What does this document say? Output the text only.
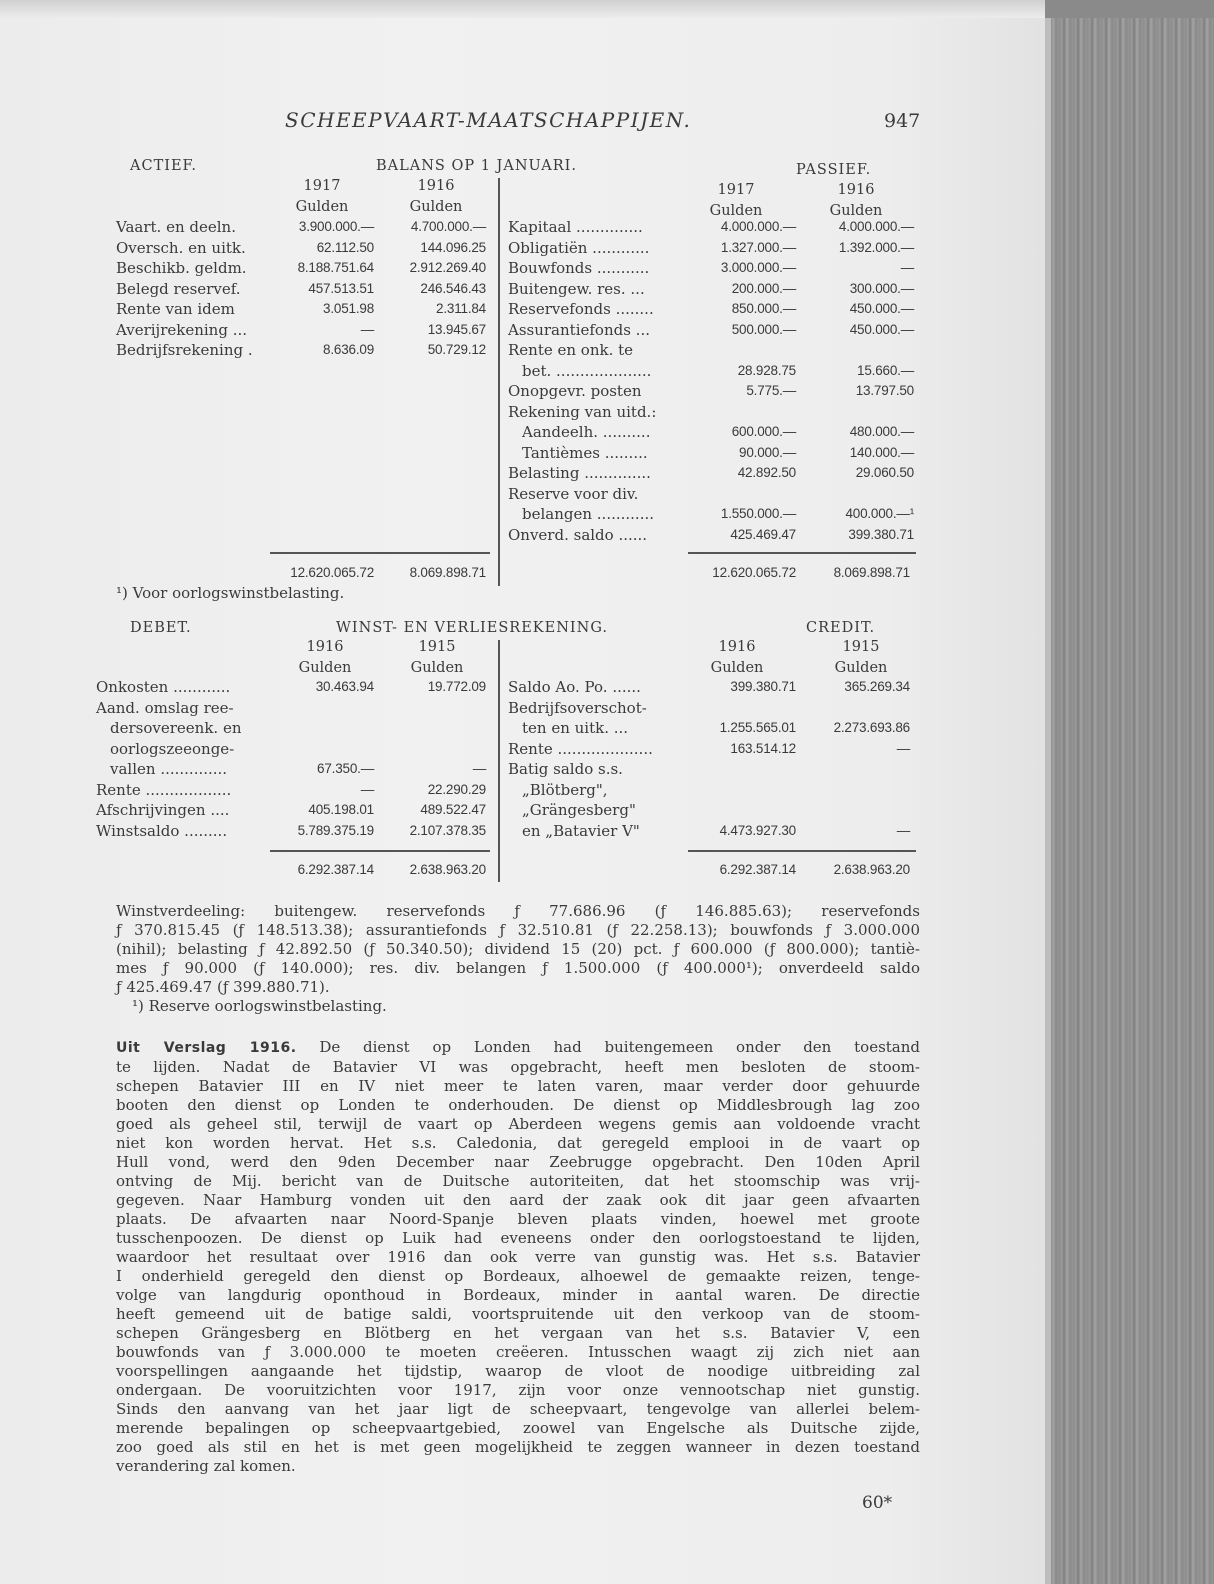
SCHEEPVAART-MAATSCHAPPIJEN.	947
ACTIEF.	BALANS OP 1 JANUARI.	PASSIEF.
1917
Gulden
1916
Gulden
1917
Gulden
1916
Gulden
Vaart. en deeln.	3.900.000.—	4.700.000.—
Oversch. en uitk.	62.112.50	144.096.25
Beschikb. geldm.	8.188.751.64	2.912.269.40
Belegd reservef.	457.513.51	246.546.43
Rente van idem	3.051.98	2.311.84
Averijrekening ...	—	13.945.67
Bedrijfsrekening .	8.636.09	50.729.12
Kapitaal ..............	4.000.000.—	4.000.000.—
Obligatiën ............	1.327.000.—	1.392.000.—
Bouwfonds ...........	3.000.000.—	—
Buitengew. res. ...	200.000.—	300.000.—
Reservefonds ........	850.000.—	450.000.—
Assurantiefonds ...	500.000.—	450.000.—
Rente en onk. te
bet. ....................	28.928.75	15.660.—
Onopgevr. posten	5.775.—	13.797.50
Rekening van uitd.:
Aandeelh. ..........	600.000.—	480.000.—
Tantièmes .........	90.000.—	140.000.—
Belasting ..............	42.892.50	29.060.50
Reserve voor div.
belangen ............	1.550.000.—	400.000.—¹
Onverd. saldo ......	425.469.47	399.380.71
12.620.065.72	8.069.898.71	12.620.065.72	8.069.898.71
¹) Voor oorlogswinstbelasting.
DEBET.	WINST- EN VERLIESREKENING.	CREDIT.
1916
Gulden
1915
Gulden
1916
Gulden
1915
Gulden
Onkosten ............	30.463.94	19.772.09
Aand. omslag ree-
dersovereenk. en
oorlogszeeonge-
vallen ..............	67.350.—	—
Rente ..................	—	22.290.29
Afschrijvingen ....	405.198.01	489.522.47
Winstsaldo .........	5.789.375.19	2.107.378.35
Saldo Ao. Po. ......	399.380.71	365.269.34
Bedrijfsoverschot-
ten en uitk. ...	1.255.565.01	2.273.693.86
Rente ....................	163.514.12	—
Batig saldo s.s.
„Blötberg",
„Grängesberg"
en „Batavier V"	4.473.927.30	—
6.292.387.14	2.638.963.20	6.292.387.14	2.638.963.20

Winstverdeeling: buitengew. reservefonds ƒ 77.686.96 (ƒ 146.885.63); reservefonds

ƒ 370.815.45 (ƒ 148.513.38); assurantiefonds ƒ 32.510.81 (ƒ 22.258.13); bouwfonds ƒ 3.000.000

(nihil); belasting ƒ 42.892.50 (ƒ 50.340.50); dividend 15 (20) pct. ƒ 600.000 (ƒ 800.000); tantiè-

mes ƒ 90.000 (ƒ 140.000); res. div. belangen ƒ 1.500.000 (ƒ 400.000¹); onverdeeld saldo

ƒ 425.469.47 (ƒ 399.880.71).

¹) Reserve oorlogswinstbelasting.

Uit Verslag 1916. De dienst op Londen had buitengemeen onder den toestand

te lijden. Nadat de Batavier VI was opgebracht, heeft men besloten de stoom-

schepen Batavier III en IV niet meer te laten varen, maar verder door gehuurde

booten den dienst op Londen te onderhouden. De dienst op Middlesbrough lag zoo

goed als geheel stil, terwijl de vaart op Aberdeen wegens gemis aan voldoende vracht

niet kon worden hervat. Het s.s. Caledonia, dat geregeld emplooi in de vaart op

Hull vond, werd den 9den December naar Zeebrugge opgebracht. Den 10den April

ontving de Mij. bericht van de Duitsche autoriteiten, dat het stoomschip was vrij-

gegeven. Naar Hamburg vonden uit den aard der zaak ook dit jaar geen afvaarten

plaats. De afvaarten naar Noord-Spanje bleven plaats vinden, hoewel met groote

tusschenpoozen. De dienst op Luik had eveneens onder den oorlogstoestand te lijden,

waardoor het resultaat over 1916 dan ook verre van gunstig was. Het s.s. Batavier

I onderhield geregeld den dienst op Bordeaux, alhoewel de gemaakte reizen, tenge-

volge van langdurig oponthoud in Bordeaux, minder in aantal waren. De directie

heeft gemeend uit de batige saldi, voortspruitende uit den verkoop van de stoom-

schepen Grängesberg en Blötberg en het vergaan van het s.s. Batavier V, een

bouwfonds van ƒ 3.000.000 te moeten creëeren. Intusschen waagt zij zich niet aan

voorspellingen aangaande het tijdstip, waarop de vloot de noodige uitbreiding zal

ondergaan. De vooruitzichten voor 1917, zijn voor onze vennootschap niet gunstig.

Sinds den aanvang van het jaar ligt de scheepvaart, tengevolge van allerlei belem-

merende bepalingen op scheepvaartgebied, zoowel van Engelsche als Duitsche zijde,

zoo goed als stil en het is met geen mogelijkheid te zeggen wanneer in dezen toestand

verandering zal komen.

60*
